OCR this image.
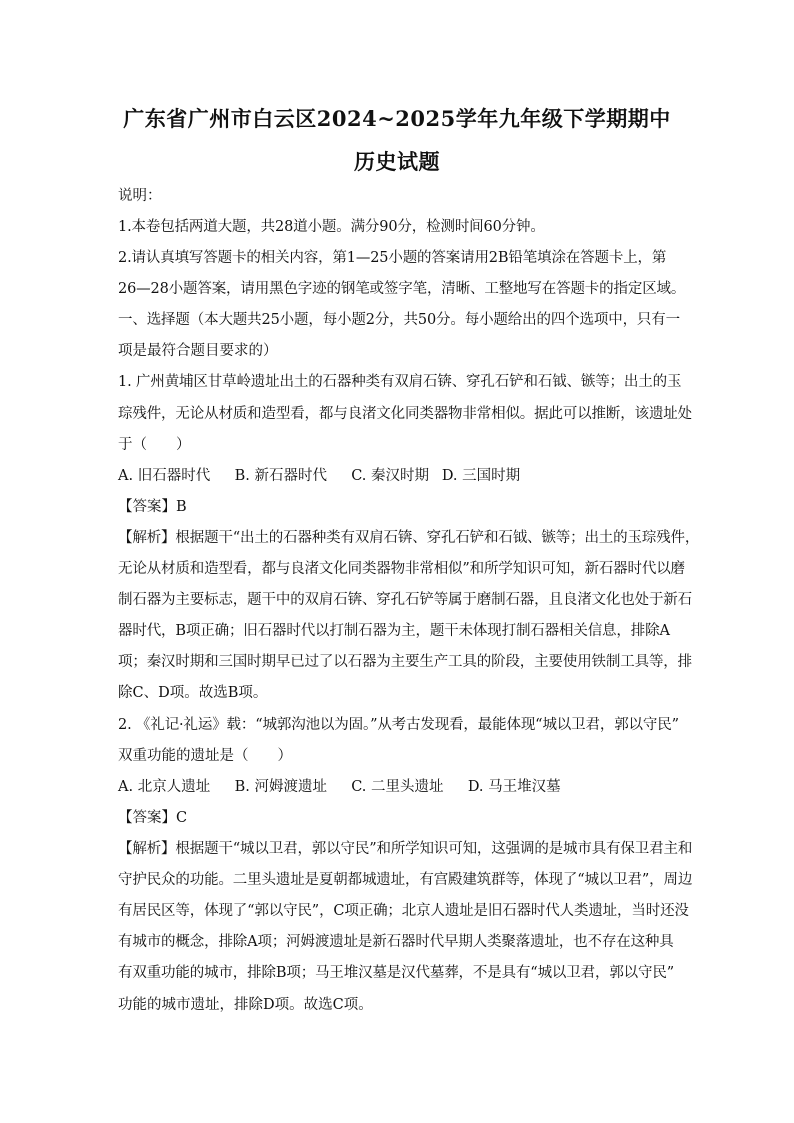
广东省广州市白云区2024~2025学年九年级下学期期中
历史试题
说明：
1.本卷包括两道大题，共28道小题。满分90分，检测时间60分钟。
2.请认真填写答题卡的相关内容，第1—25小题的答案请用2B铅笔填涂在答题卡上，第
26—28小题答案，请用黑色字迹的钢笔或签字笔，清晰、工整地写在答题卡的指定区域。
一、选择题（本大题共25小题，每小题2分，共50分。每小题给出的四个选项中，只有一
项是最符合题目要求的）
1. 广州黄埔区甘草岭遗址出土的石器种类有双肩石锛、穿孔石铲和石钺、镞等；出土的玉
琮残件，无论从材质和造型看，都与良渚文化同类器物非常相似。据此可以推断，该遗址处
于（　　）
A. 旧石器时代 B. 新石器时代 C. 秦汉时期 D. 三国时期
【答案】B
【解析】根据题干“出土的石器种类有双肩石锛、穿孔石铲和石钺、镞等；出土的玉琮残件，
无论从材质和造型看，都与良渚文化同类器物非常相似”和所学知识可知，新石器时代以磨
制石器为主要标志，题干中的双肩石锛、穿孔石铲等属于磨制石器，且良渚文化也处于新石
器时代，B项正确；旧石器时代以打制石器为主，题干未体现打制石器相关信息，排除A
项；秦汉时期和三国时期早已过了以石器为主要生产工具的阶段，主要使用铁制工具等，排
除C、D项。故选B项。
2. 《礼记·礼运》载：“城郭沟池以为固。”从考古发现看，最能体现“城以卫君，郭以守民”
双重功能的遗址是（　　）
A. 北京人遗址 B. 河姆渡遗址 C. 二里头遗址 D. 马王堆汉墓
【答案】C
【解析】根据题干“城以卫君，郭以守民”和所学知识可知，这强调的是城市具有保卫君主和
守护民众的功能。二里头遗址是夏朝都城遗址，有宫殿建筑群等，体现了“城以卫君”，周边
有居民区等，体现了“郭以守民”，C项正确；北京人遗址是旧石器时代人类遗址，当时还没
有城市的概念，排除A项；河姆渡遗址是新石器时代早期人类聚落遗址，也不存在这种具
有双重功能的城市，排除B项；马王堆汉墓是汉代墓葬，不是具有“城以卫君，郭以守民”
功能的城市遗址，排除D项。故选C项。
